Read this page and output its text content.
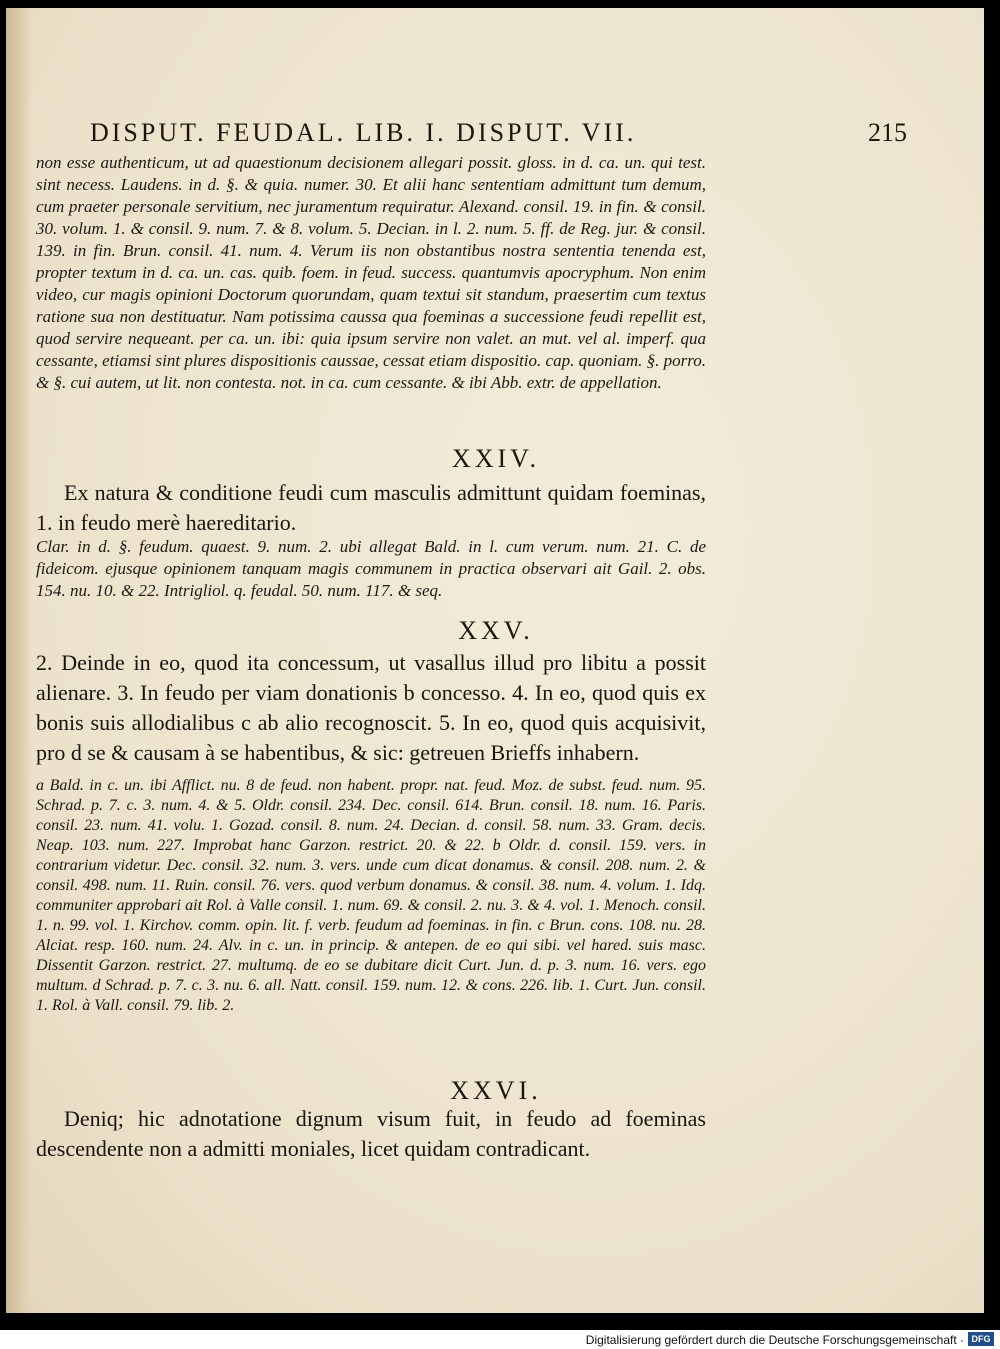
DISPUT. FEUDAL. LIB. I. DISPUT. VII.	215
non esse authenticum, ut ad quaestionum decisionem allegari possit. gloss. in d. ca. un. qui test. sint necess. Laudens. in d. §. & quia. numer. 30. Et alii hanc sententiam admittunt tum demum, cum praeter personale servitium, nec juramentum requiratur. Alexand. consil. 19. in fin. & consil. 30. volum. 1. & consil. 9. num. 7. & 8. volum. 5. Decian. in l. 2. num. 5. ff. de Reg. jur. & consil. 139. in fin. Brun. consil. 41. num. 4. Verum iis non obstantibus nostra sententia tenenda est, propter textum in d. ca. un. cas. quib. foem. in feud. success. quantumvis apocryphum. Non enim video, cur magis opinioni Doctorum quorundam, quam textui sit standum, praesertim cum textus ratione sua non destituatur. Nam potissima caussa qua foeminas a successione feudi repellit est, quod servire nequeant. per ca. un. ibi: quia ipsum servire non valet. an mut. vel al. imperf. qua cessante, etiamsi sint plures dispositionis caussae, cessat etiam dispositio. cap. quoniam. §. porro. & §. cui autem, ut lit. non contesta. not. in ca. cum cessante. & ibi Abb. extr. de appellation.
XXIV.
Ex natura & conditione feudi cum masculis admittunt quidam foeminas, 1. in feudo merè haereditario.
Clar. in d. §. feudum. quaest. 9. num. 2. ubi allegat Bald. in l. cum verum. num. 21. C. de fideicom. ejusque opinionem tanquam magis communem in practica observari ait Gail. 2. obs. 154. nu. 10. & 22. Intrigliol. q. feudal. 50. num. 117. & seq.
XXV.
2. Deinde in eo, quod ita concessum, ut vasallus illud pro libitu a possit alienare. 3. In feudo per viam donationis b concesso. 4. In eo, quod quis ex bonis suis allodialibus c ab alio recognoscit. 5. In eo, quod quis acquisivit, pro d se & causam à se habentibus, & sic: getreuen Brieffs inhabern.
a Bald. in c. un. ibi Afflict. nu. 8 de feud. non habent. propr. nat. feud. Moz. de subst. feud. num. 95. Schrad. p. 7. c. 3. num. 4. & 5. Oldr. consil. 234. Dec. consil. 614. Brun. consil. 18. num. 16. Paris. consil. 23. num. 41. volu. 1. Gozad. consil. 8. num. 24. Decian. d. consil. 58. num. 33. Gram. decis. Neap. 103. num. 227. Improbat hanc Garzon. restrict. 20. & 22. b Oldr. d. consil. 159. vers. in contrarium videtur. Dec. consil. 32. num. 3. vers. unde cum dicat donamus. & consil. 208. num. 2. & consil. 498. num. 11. Ruin. consil. 76. vers. quod verbum donamus. & consil. 38. num. 4. volum. 1. Idq. communiter approbari ait Rol. à Valle consil. 1. num. 69. & consil. 2. nu. 3. & 4. vol. 1. Menoch. consil. 1. n. 99. vol. 1. Kirchov. comm. opin. lit. f. verb. feudum ad foeminas. in fin. c Brun. cons. 108. nu. 28. Alciat. resp. 160. num. 24. Alv. in c. un. in princip. & antepen. de eo qui sibi. vel hared. suis masc. Dissentit Garzon. restrict. 27. multumq. de eo se dubitare dicit Curt. Jun. d. p. 3. num. 16. vers. ego multum. d Schrad. p. 7. c. 3. nu. 6. all. Natt. consil. 159. num. 12. & cons. 226. lib. 1. Curt. Jun. consil. 1. Rol. à Vall. consil. 79. lib. 2.
XXVI.
Deniq; hic adnotatione dignum visum fuit, in feudo ad foeminas descendente non a admitti moniales, licet quidam contradicant.
Digitalisierung gefördert durch die Deutsche Forschungsgemeinschaft · DFG
